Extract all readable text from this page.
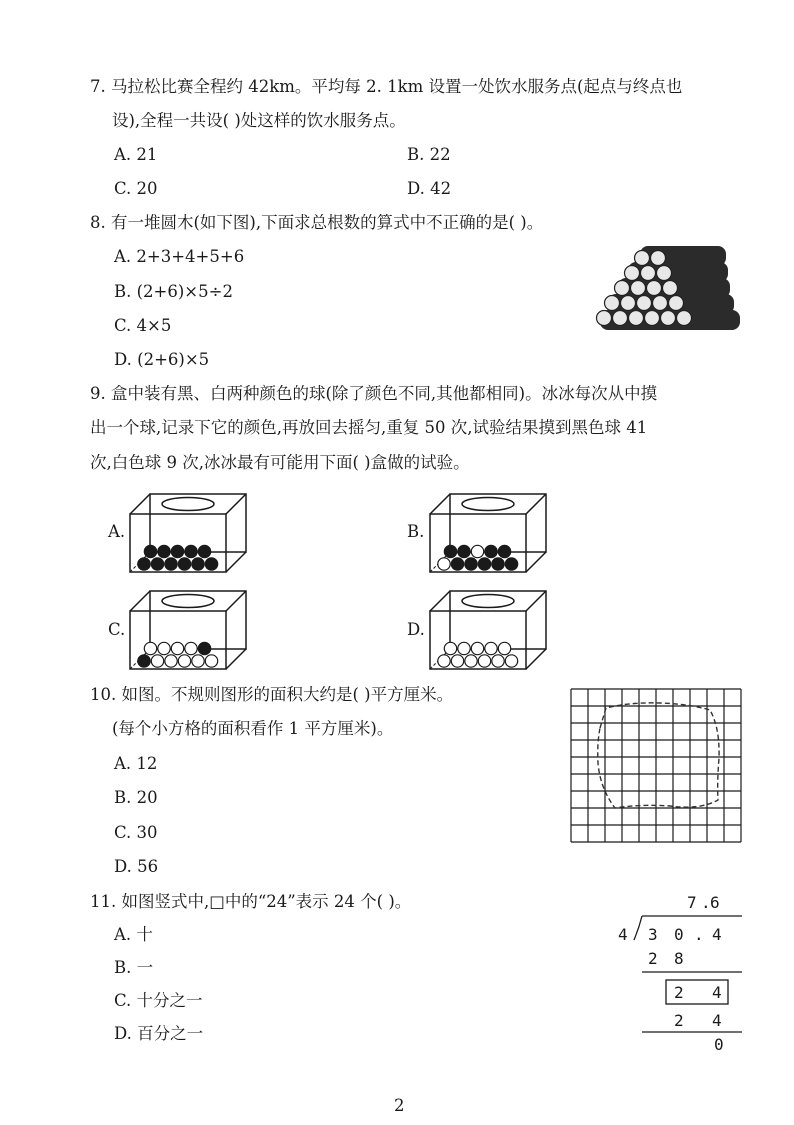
7. 马拉松比赛全程约 42km。平均每 2. 1km 设置一处饮水服务点(起点与终点也
设),全程一共设( )处这样的饮水服务点。
A. 21	B. 22
C. 20	D. 42
8. 有一堆圆木(如下图),下面求总根数的算式中不正确的是( )。
A. 2+3+4+5+6
B. (2+6)×5÷2
C. 4×5
D. (2+6)×5
9. 盒中装有黑、白两种颜色的球(除了颜色不同,其他都相同)。冰冰每次从中摸
出一个球,记录下它的颜色,再放回去摇匀,重复 50 次,试验结果摸到黑色球 41
次,白色球 9 次,冰冰最有可能用下面( )盒做的试验。
A.	B.
C.	D.
10. 如图。不规则图形的面积大约是( )平方厘米。
(每个小方格的面积看作 1 平方厘米)。
A. 12
B. 20
C. 30
D. 56
11. 如图竖式中,□中的“24”表示 24 个( )。
A. 十
B. 一
C. 十分之一
D. 百分之一
7 . 6
4 3 0 . 4
2 8
2 4
2 4
0
2
